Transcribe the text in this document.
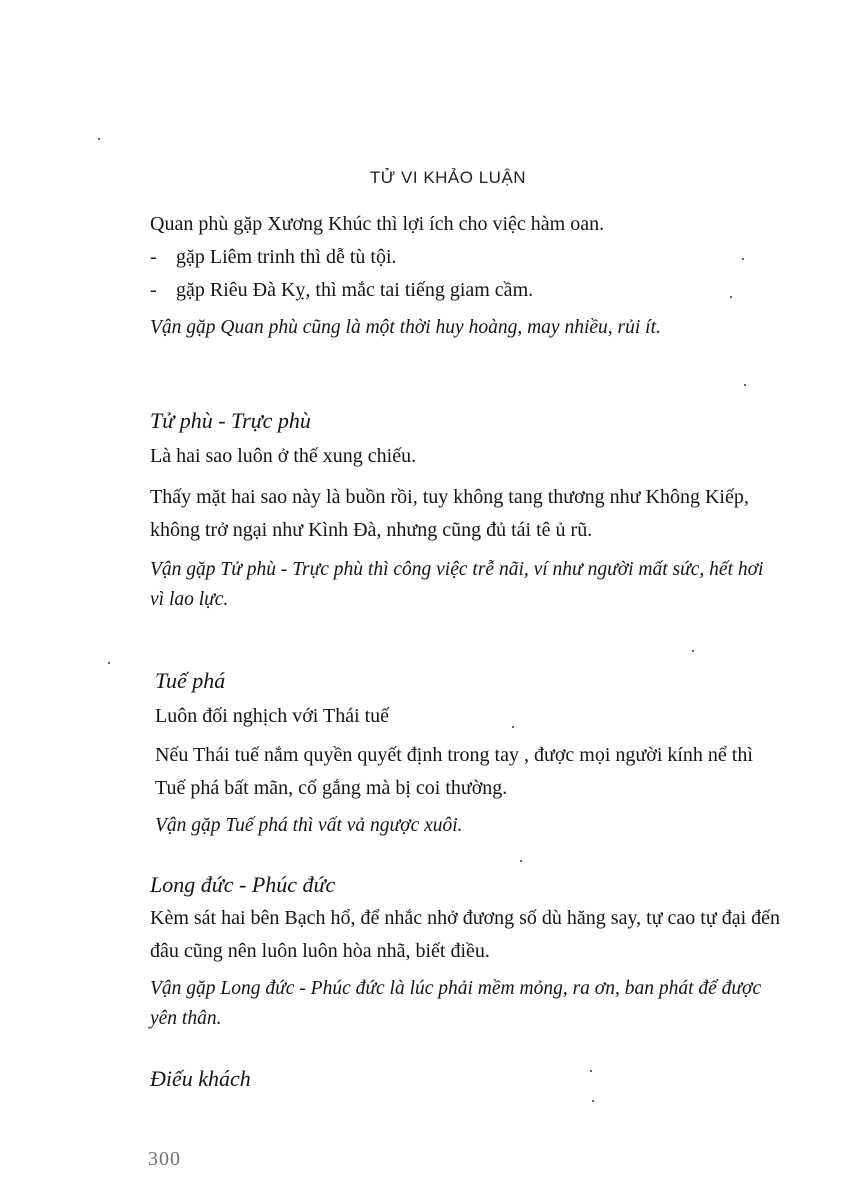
TỬ VI KHẢO LUẬN

Quan phù gặp Xương Khúc thì lợi ích cho việc hàm oan.

- gặp Liêm trinh thì dễ tù tội.

- gặp Riêu Đà Kỵ, thì mắc tai tiếng giam cầm.

Vận gặp Quan phù cũng là một thời huy hoàng, may nhiều, rủi ít.

Tử phù - Trực phù

Là hai sao luôn ở thế xung chiếu.

Thấy mặt hai sao này là buồn rồi, tuy không tang thương như Không Kiếp, không trở ngại như Kình Đà, nhưng cũng đủ tái tê ủ rũ.

Vận gặp Tử phù - Trực phù thì công việc trễ nãi, ví như người mất sức, hết hơi vì lao lực.

Tuế phá

Luôn đối nghịch với Thái tuế

Nếu Thái tuế nắm quyền quyết định trong tay , được mọi người kính nể thì Tuế phá bất mãn, cố gắng mà bị coi thường.

Vận gặp Tuế phá thì vất vả ngược xuôi.

Long đức - Phúc đức

Kèm sát hai bên Bạch hổ, để nhắc nhở đương số dù hăng say, tự cao tự đại đến đâu cũng nên luôn luôn hòa nhã, biết điều.

Vận gặp Long đức - Phúc đức là lúc phải mềm mỏng, ra ơn, ban phát để được yên thân.

Điếu khách

300
